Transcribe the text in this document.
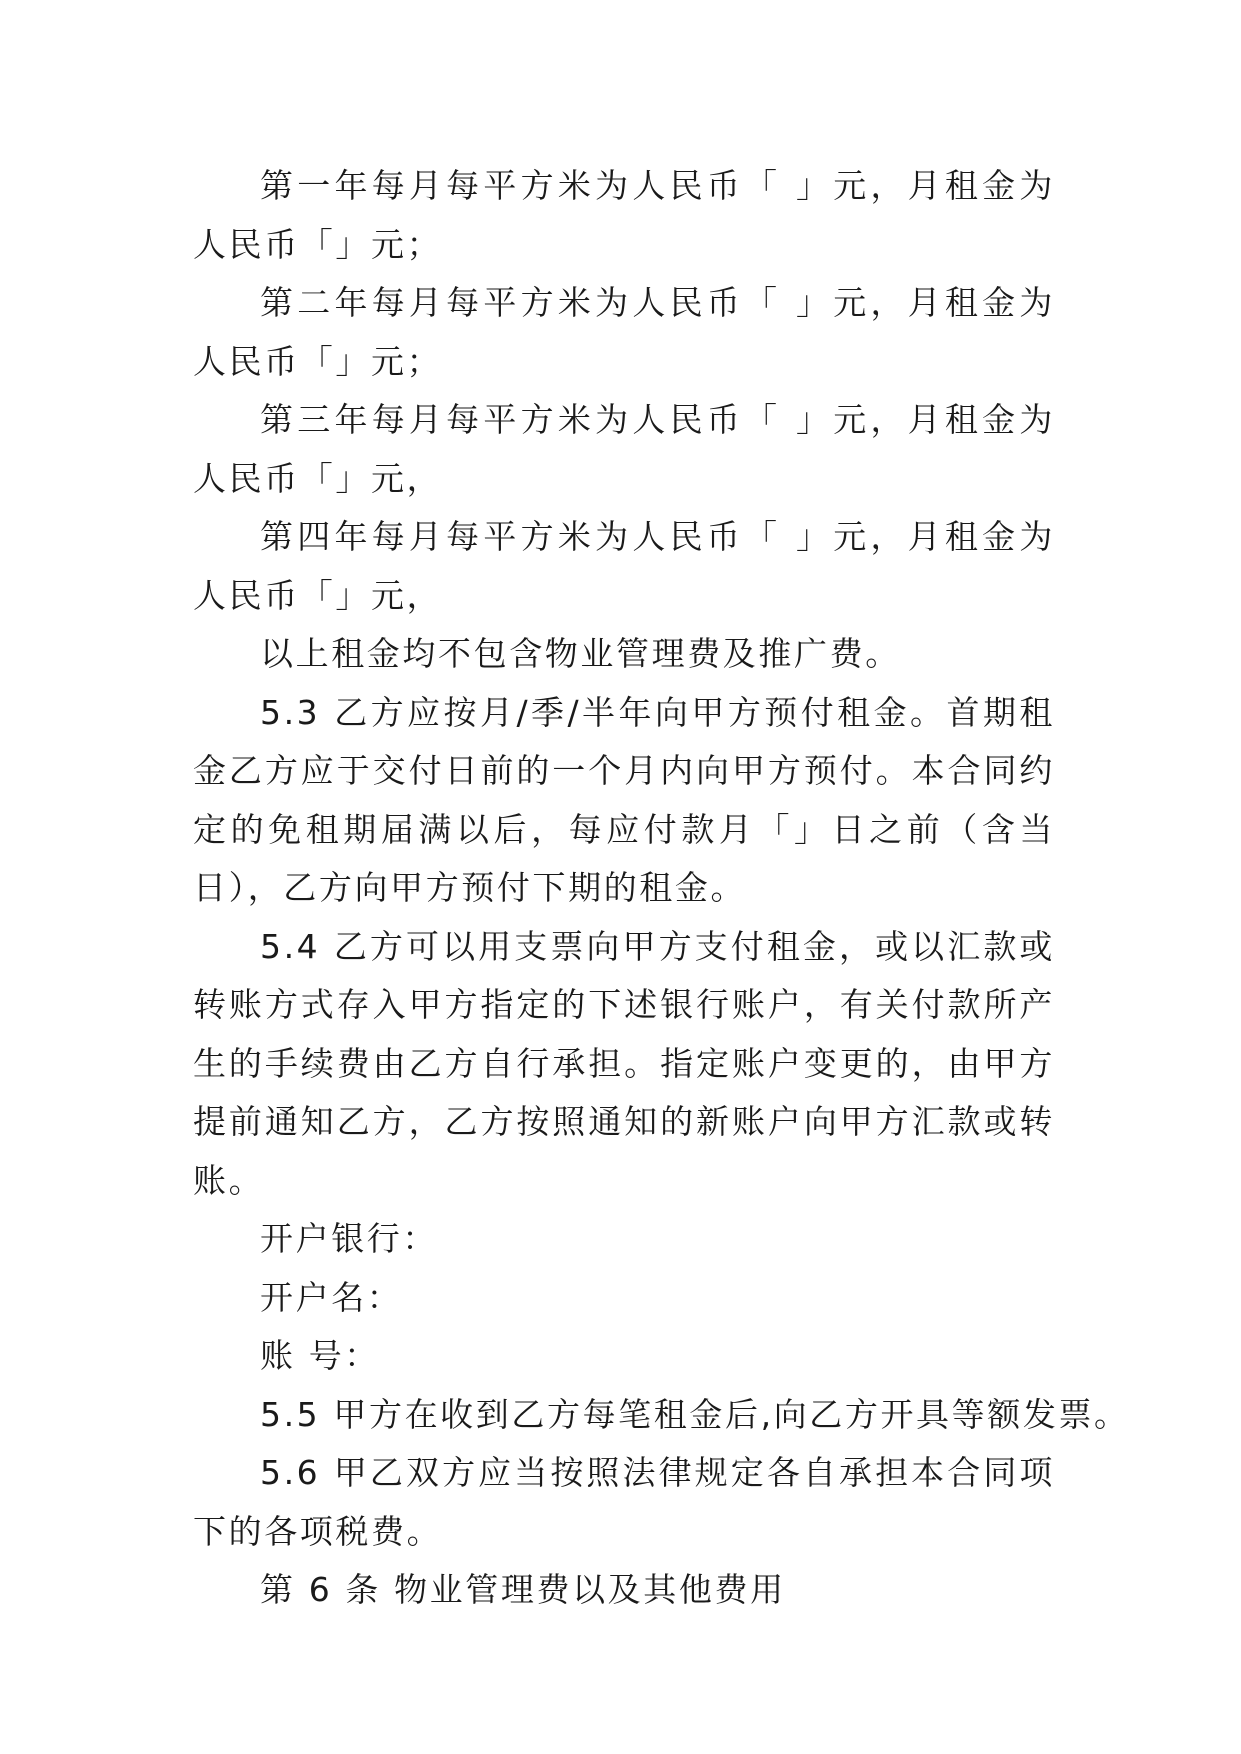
第一年每月每平方米为人民币「 」元，月租金为人民币「」元；

第二年每月每平方米为人民币「 」元，月租金为人民币「」元；

第三年每月每平方米为人民币「 」元，月租金为人民币「」元，

第四年每月每平方米为人民币「 」元，月租金为人民币「」元，

以上租金均不包含物业管理费及推广费。

5.3 乙方应按月/季/半年向甲方预付租金。首期租金乙方应于交付日前的一个月内向甲方预付。本合同约定的免租期届满以后，每应付款月「」日之前（含当日），乙方向甲方预付下期的租金。

5.4 乙方可以用支票向甲方支付租金，或以汇款或转账方式存入甲方指定的下述银行账户，有关付款所产生的手续费由乙方自行承担。指定账户变更的，由甲方提前通知乙方，乙方按照通知的新账户向甲方汇款或转账。

开户银行：

开户名：

账 号：

5.5 甲方在收到乙方每笔租金后,向乙方开具等额发票。

5.6 甲乙双方应当按照法律规定各自承担本合同项下的各项税费。

第 6 条 物业管理费以及其他费用
